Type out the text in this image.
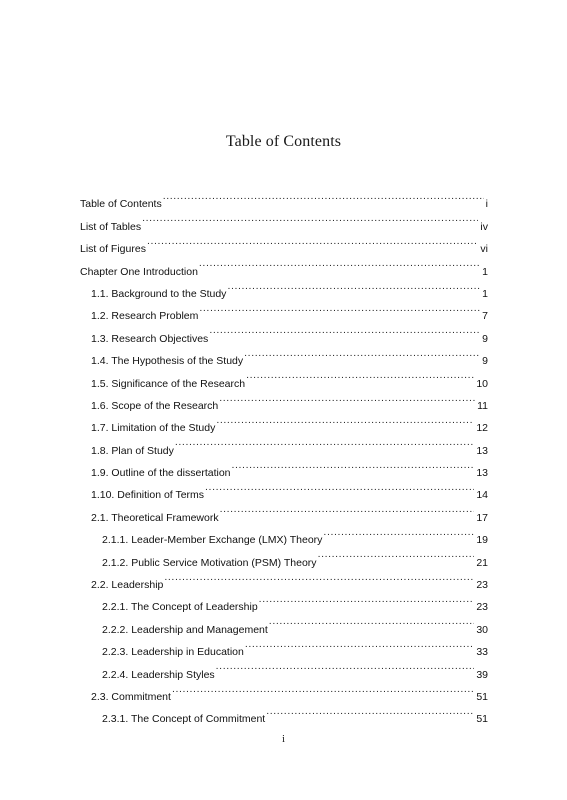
Table of Contents
Table of Contents .....	i
List of Tables .....	iv
List of Figures .....	vi
Chapter One Introduction .....	1
1.1. Background to the Study .....	1
1.2. Research Problem .....	7
1.3. Research Objectives .....	9
1.4. The Hypothesis of the Study .....	9
1.5. Significance of the Research .....	10
1.6. Scope of the Research .....	11
1.7. Limitation of the Study .....	12
1.8. Plan of Study .....	13
1.9. Outline of the dissertation .....	13
1.10. Definition of Terms .....	14
2.1. Theoretical Framework .....	17
2.1.1. Leader-Member Exchange (LMX) Theory .....	19
2.1.2. Public Service Motivation (PSM) Theory .....	21
2.2. Leadership .....	23
2.2.1. The Concept of Leadership .....	23
2.2.2. Leadership and Management .....	30
2.2.3. Leadership in Education .....	33
2.2.4. Leadership Styles .....	39
2.3. Commitment .....	51
2.3.1. The Concept of Commitment .....	51
i
